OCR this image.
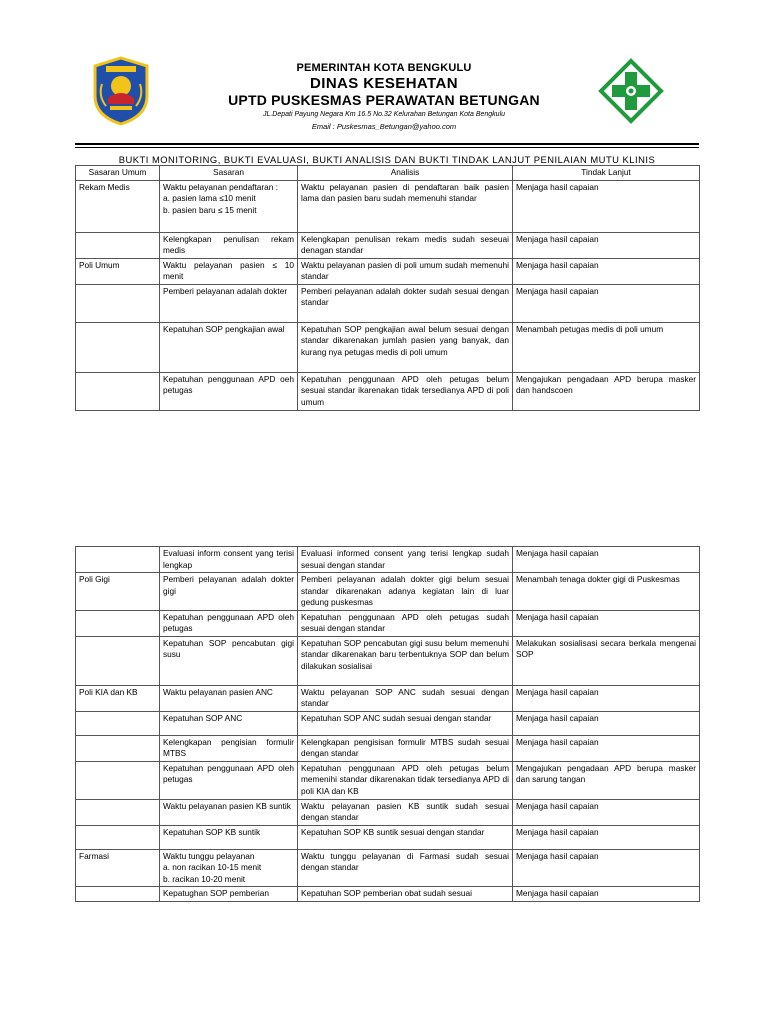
PEMERINTAH KOTA BENGKULU
DINAS KESEHATAN
UPTD PUSKESMAS PERAWATAN BETUNGAN
JL.Depati Payung Negara Km 16.5 No.32 Kelurahan Betungan Kota Bengkulu
Email : Puskesmas_Betungan@yahoo.com
BUKTI MONITORING, BUKTI EVALUASI, BUKTI ANALISIS DAN BUKTI TINDAK LANJUT PENILAIAN MUTU KLINIS
Sasaran Umum	Sasaran	Analisis	Tindak Lanjut
Rekam Medis	Waktu pelayanan pendaftaran :
a. pasien lama ≤10 menit
b. pasien baru ≤ 15 menit	Waktu pelayanan pasien di pendaftaran baik pasien lama dan pasien baru sudah memenuhi standar	Menjaga hasil capaian
	Kelengkapan penulisan rekam medis	Kelengkapan penulisan rekam medis sudah seseuai denagan standar	Menjaga hasil capaian
Poli Umum	Waktu pelayanan pasien ≤ 10 menit	Waktu pelayanan pasien di poli umum sudah memenuhi standar	Menjaga hasil capaian
	Pemberi pelayanan adalah dokter	Pemberi pelayanan adalah dokter sudah sesuai dengan standar	Menjaga hasil capaian
	Kepatuhan SOP pengkajian awal	Kepatuhan SOP pengkajian awal belum sesuai dengan standar dikarenakan jumlah pasien yang banyak, dan kurang nya petugas medis di poli umum	Menambah petugas medis di poli umum
	Kepatuhan penggunaan APD oeh petugas	Kepatuhan penggunaan APD oleh petugas belum sesuai standar ikarenakan tidak tersedianya APD di poli umum	Mengajukan pengadaan APD berupa masker dan handscoen
	Evaluasi inform consent yang terisi lengkap	Evaluasi informed consent yang terisi lengkap sudah sesuai dengan standar	Menjaga hasil capaian
Poli Gigi	Pemberi pelayanan adalah dokter gigi	Pemberi pelayanan adalah dokter gigi belum sesuai standar dikarenakan adanya kegiatan lain di luar gedung puskesmas	Menambah tenaga dokter gigi di Puskesmas
	Kepatuhan penggunaan APD oleh petugas	Kepatuhan penggunaan APD oleh petugas sudah sesuai dengan standar	Menjaga hasil capaian
	Kepatuhan SOP pencabutan gigi susu	Kepatuhan SOP pencabutan gigi susu belum memenuhi standar dikarenakan baru terbentuknya SOP dan belum dilakukan sosialisai	Melakukan sosialisasi secara berkala mengenai SOP
Poli KIA dan KB	Waktu pelayanan pasien ANC	Waktu pelayanan SOP ANC sudah sesuai dengan standar	Menjaga hasil capaian
	Kepatuhan SOP ANC	Kepatuhan SOP ANC sudah sesuai dengan standar	Menjaga hasil capaian
	Kelengkapan pengisian formulir MTBS	Kelengkapan pengisisan formulir MTBS sudah sesuai dengan standar	Menjaga hasil capaian
	Kepatuhan penggunaan APD oleh petugas	Kepatuhan penggunaan APD oleh petugas belum memenihi standar dikarenakan tidak tersedianya APD di poli KIA dan KB	Mengajukan pengadaan APD berupa masker dan sarung tangan
	Waktu pelayanan pasien KB suntik	Waktu pelayanan pasien KB suntik sudah sesuai dengan standar	Menjaga hasil capaian
	Kepatuhan SOP KB suntik	Kepatuhan SOP KB suntik sesuai dengan standar	Menjaga hasil capaian
Farmasi	Waktu tunggu pelayanan
a. non racikan 10-15 menit
b. racikan 10-20 menit	Waktu tunggu pelayanan di Farmasi sudah sesuai dengan standar	Menjaga hasil capaian
	Kepatughan SOP pemberian	Kepatuhan SOP pemberian obat sudah sesuai	Menjaga hasil capaian
